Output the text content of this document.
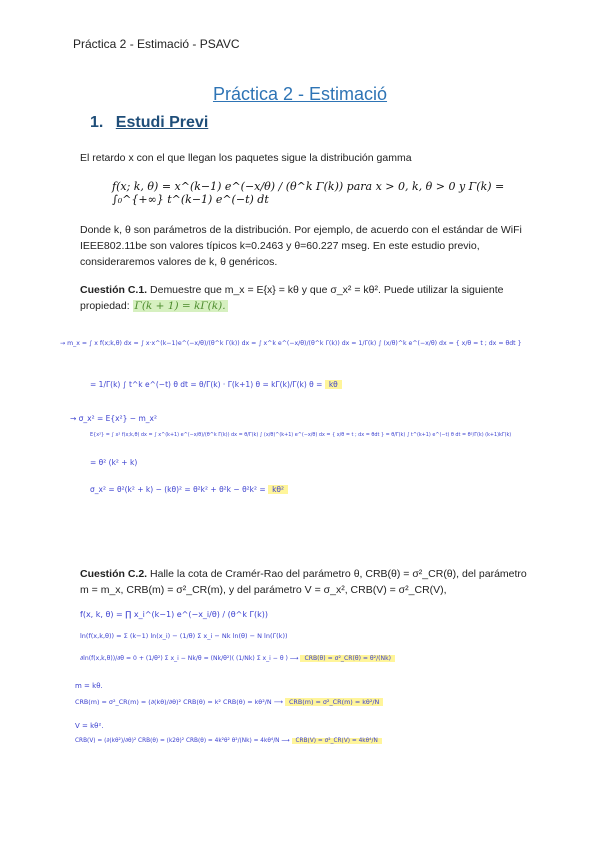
Práctica 2 - Estimació - PSAVC
Práctica 2 - Estimació
1. Estudi Previ
El retardo x con el que llegan los paquetes sigue la distribución gamma
f(x; k, θ) = x^(k−1) e^(−x/θ) / (θ^k Γ(k)) para x > 0, k, θ > 0 y Γ(k) = ∫₀^{+∞} t^(k−1) e^(−t) dt
Donde k, θ son parámetros de la distribución. Por ejemplo, de acuerdo con el estándar de WiFi IEEE802.11be son valores típicos k=0.2463 y θ=60.227 mseg. En este estudio previo, consideraremos valores de k, θ genéricos.
Cuestión C.1. Demuestre que m_x = E{x} = kθ y que σ_x² = kθ². Puede utilizar la siguiente propiedad: Γ(k + 1) = kΓ(k).
→ m_x = ∫ x f(x;k,θ) dx = ∫ x·x^(k−1)e^(−x/θ)/(θ^k Γ(k)) dx = ∫ x^k e^(−x/θ)/(θ^k Γ(k)) dx = 1/Γ(k) ∫ (x/θ)^k e^(−x/θ) dx = { x/θ = t ; dx = θdt }
= 1/Γ(k) ∫ t^k e^(−t) θ dt = θ/Γ(k) · Γ(k+1) θ = kΓ(k)/Γ(k) θ = kθ
→ σ_x² = E{x²} − m_x²
E{x²} = ∫ x² f(x;k,θ) dx = ∫ x^(k+1) e^(−x/θ)/(θ^k Γ(k)) dx = θ/Γ(k) ∫ (x/θ)^(k+1) e^(−x/θ) dx = { x/θ = t ; dx = θdt } = θ/Γ(k) ∫ t^(k+1) e^(−t) θ dt = θ²/Γ(k) (k+1)kΓ(k)
= θ² (k² + k)
σ_x² = θ²(k² + k) − (kθ)² = θ²k² + θ²k − θ²k² = kθ²
Cuestión C.2. Halle la cota de Cramér-Rao del parámetro θ, CRB(θ) = σ²_CR(θ), del parámetro m = m_x, CRB(m) = σ²_CR(m), y del parámetro V = σ_x², CRB(V) = σ²_CR(V),
f(x, k, θ) = ∏ x_i^(k−1) e^(−x_i/θ) / (θ^k Γ(k))
ln(f(x,k,θ)) = Σ (k−1) ln(x_i) − (1/θ) Σ x_i − Nk ln(θ) − N ln(Γ(k))
∂ln(f(x,k,θ))/∂θ = 0 + (1/θ²) Σ x_i − Nk/θ = (Nk/θ²)( (1/Nk) Σ x_i − θ ) ⟶ CRB(θ) = σ²_CR(θ) = θ²/(Nk)
m = kθ.
CRB(m) = σ²_CR(m) = (∂(kθ)/∂θ)² CRB(θ) = k² CRB(θ) = kθ²/N ⟶ CRB(m) = σ²_CR(m) = kθ²/N
V = kθ².
CRB(V) = (∂(kθ²)/∂θ)² CRB(θ) = (k2θ)² CRB(θ) = 4k²θ² θ²/(Nk) = 4kθ⁴/N ⟶ CRB(V) = σ²_CR(V) = 4kθ⁴/N
